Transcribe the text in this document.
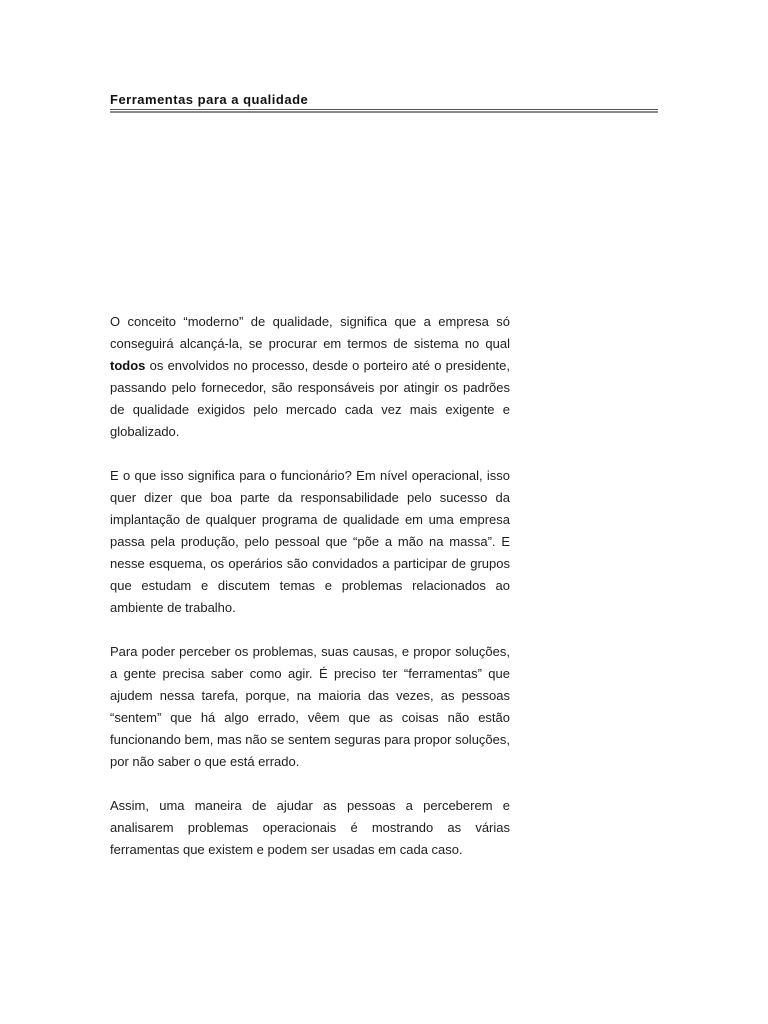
Ferramentas para a qualidade

O conceito “moderno” de qualidade, significa que a empresa só conseguirá alcançá-la, se procurar em termos de sistema no qual todos os envolvidos no processo, desde o porteiro até o presidente, passando pelo fornecedor, são responsáveis por atingir os padrões de qualidade exigidos pelo mercado cada vez mais exigente e globalizado.

E o que isso significa para o funcionário? Em nível operacional, isso quer dizer que boa parte da responsabilidade pelo sucesso da implantação de qualquer programa de qualidade em uma empresa passa pela produção, pelo pessoal que “põe a mão na massa”. E nesse esquema, os operários são convidados a participar de grupos que estudam e discutem temas e problemas relacionados ao ambiente de trabalho.

Para poder perceber os problemas, suas causas, e propor soluções, a gente precisa saber como agir. É preciso ter “ferramentas” que ajudem nessa tarefa, porque, na maioria das vezes, as pessoas “sentem” que há algo errado, vêem que as coisas não estão funcionando bem, mas não se sentem seguras para propor soluções, por não saber o que está errado.

Assim, uma maneira de ajudar as pessoas a perceberem e analisarem problemas operacionais é mostrando as várias ferramentas que existem e podem ser usadas em cada caso.
